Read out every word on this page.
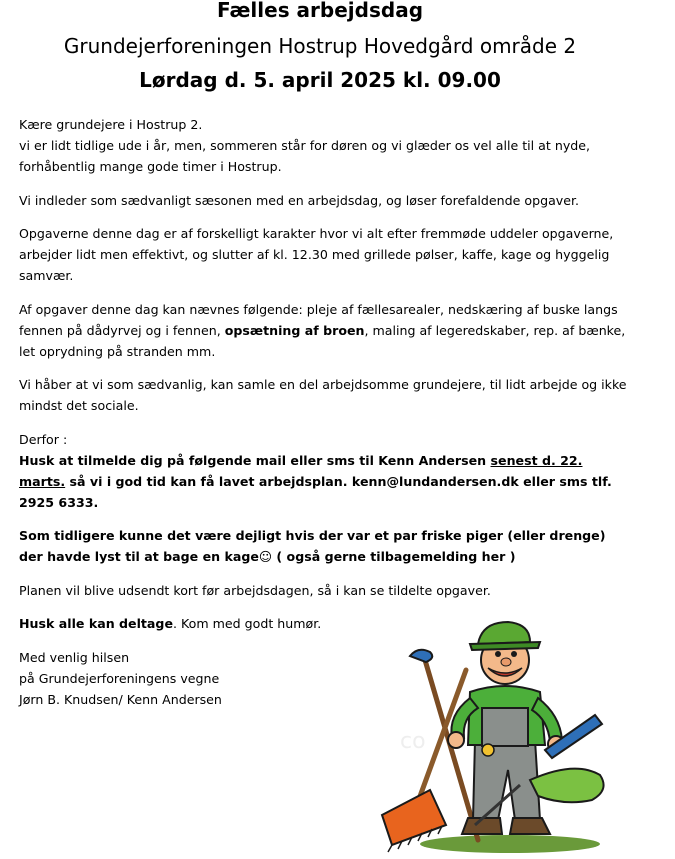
Fælles arbejdsdag
Grundejerforeningen Hostrup Hovedgård område 2
Lørdag d. 5. april 2025 kl. 09.00

Kære grundejere i Hostrup 2.
vi er lidt tidlige ude i år, men, sommeren står for døren og vi glæder os vel alle til at nyde, forhåbentlig mange gode timer i Hostrup.

Vi indleder som sædvanligt sæsonen med en arbejdsdag, og løser forefaldende opgaver.

Opgaverne denne dag er af forskelligt karakter hvor vi alt efter fremmøde uddeler opgaverne, arbejder lidt men effektivt, og slutter af kl. 12.30 med grillede pølser, kaffe, kage og hyggelig samvær.

Af opgaver denne dag kan nævnes følgende: pleje af fællesarealer, nedskæring af buske langs fennen på dådyrvej og i fennen, opsætning af broen, maling af legeredskaber, rep. af bænke, let oprydning på stranden mm.

Vi håber at vi som sædvanlig, kan samle en del arbejdsomme grundejere, til lidt arbejde og ikke mindst det sociale.

Derfor :
Husk at tilmelde dig på følgende mail eller sms til Kenn Andersen senest d. 22. marts. så vi i god tid kan få lavet arbejdsplan. kenn@lundandersen.dk eller sms tlf. 2925 6333.

Som tidligere kunne det være dejligt hvis der var et par friske piger (eller drenge) der havde lyst til at bage en kage☺ ( også gerne tilbagemelding her )

Planen vil blive udsendt kort før arbejdsdagen, så i kan se tildelte opgaver.

Husk alle kan deltage. Kom med godt humør.

Med venlig hilsen
på Grundejerforeningens vegne
Jørn B. Knudsen/ Kenn Andersen

co
